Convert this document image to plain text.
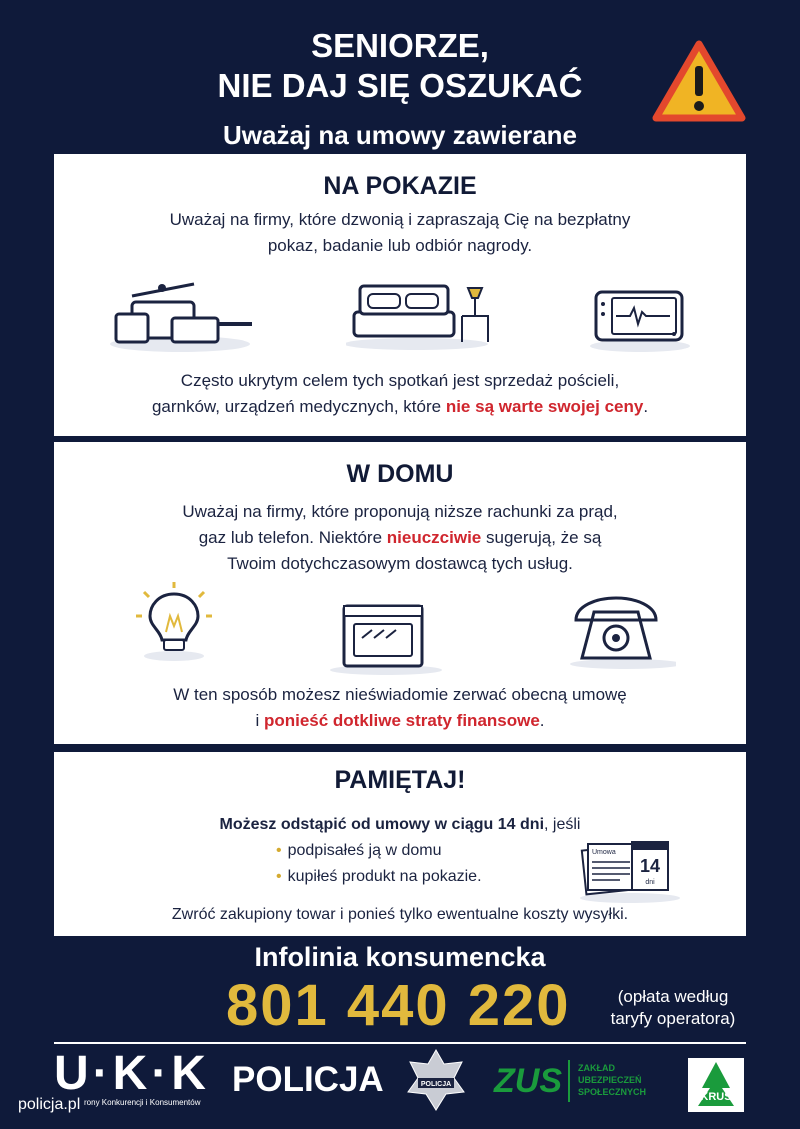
SENIORZE,
NIE DAJ SIĘ OSZUKAĆ
Uważaj na umowy zawierane
NA POKAZIE

Uważaj na firmy, które dzwonią i zapraszają Cię na bezpłatny

pokaz, badanie lub odbiór nagrody.

Często ukrytym celem tych spotkań jest sprzedaż pościeli,

garnków, urządzeń medycznych, które nie są warte swojej ceny.

W DOMU

Uważaj na firmy, które proponują niższe rachunki za prąd,

gaz lub telefon. Niektóre nieuczciwie sugerują, że są

Twoim dotychczasowym dostawcą tych usług.

W ten sposób możesz nieświadomie zerwać obecną umowę

i ponieść dotkliwe straty finansowe.

PAMIĘTAJ!

Możesz odstąpić od umowy w ciągu 14 dni, jeśli

• podpisałeś ją w domu
• kupiłeś produkt na pokazie.
Umowa
14
dni

Zwróć zakupiony towar i ponieś tylko ewentualne koszty wysyłki.

Infolinia konsumencka
801 440 220	(opłata według
taryfy operatora)
U·K·K
rony Konkurencji i Konsumentów
POLICJA	POLICJA ZUS ZAKŁAD
UBEZPIECZEŃ
SPOŁECZNYCH	KRUS
policja.pl
